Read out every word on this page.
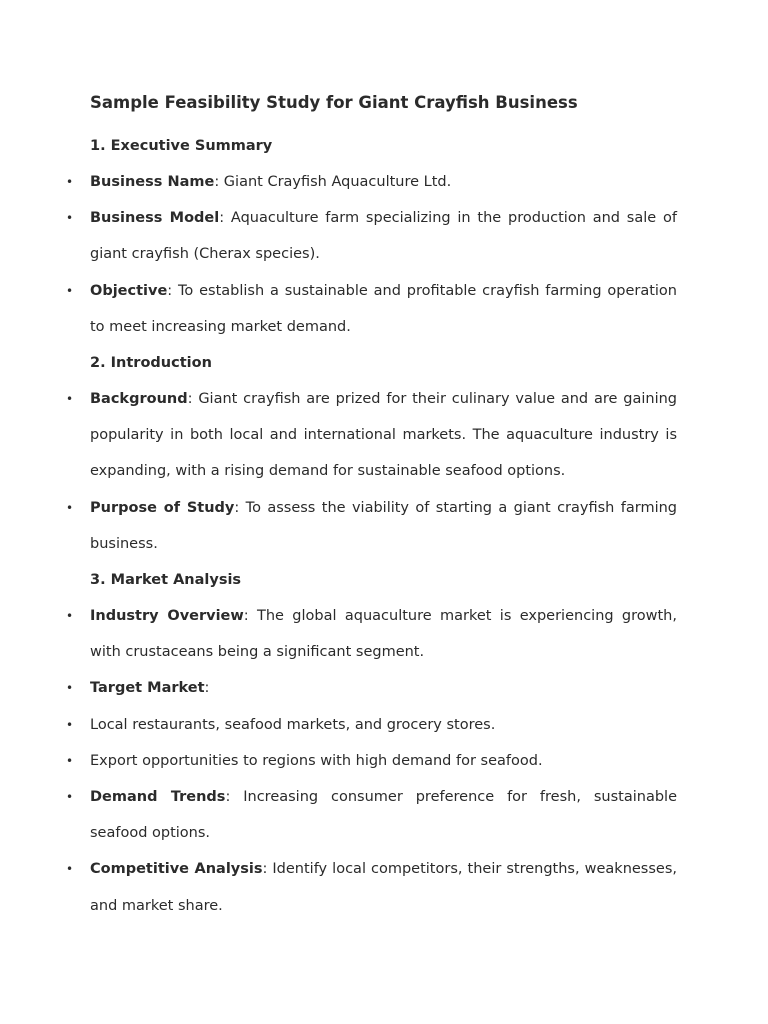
Sample Feasibility Study for Giant Crayfish Business
1. Executive Summary
• Business Name: Giant Crayfish Aquaculture Ltd.
• Business Model: Aquaculture farm specializing in the production and sale of giant crayfish (Cherax species).
• Objective: To establish a sustainable and profitable crayfish farming operation to meet increasing market demand.
2. Introduction
• Background: Giant crayfish are prized for their culinary value and are gaining popularity in both local and international markets. The aquaculture industry is expanding, with a rising demand for sustainable seafood options.
• Purpose of Study: To assess the viability of starting a giant crayfish farming business.
3. Market Analysis
• Industry Overview: The global aquaculture market is experiencing growth, with crustaceans being a significant segment.
• Target Market:
• Local restaurants, seafood markets, and grocery stores.
• Export opportunities to regions with high demand for seafood.
• Demand Trends: Increasing consumer preference for fresh, sustainable seafood options.
• Competitive Analysis: Identify local competitors, their strengths, weaknesses, and market share.
